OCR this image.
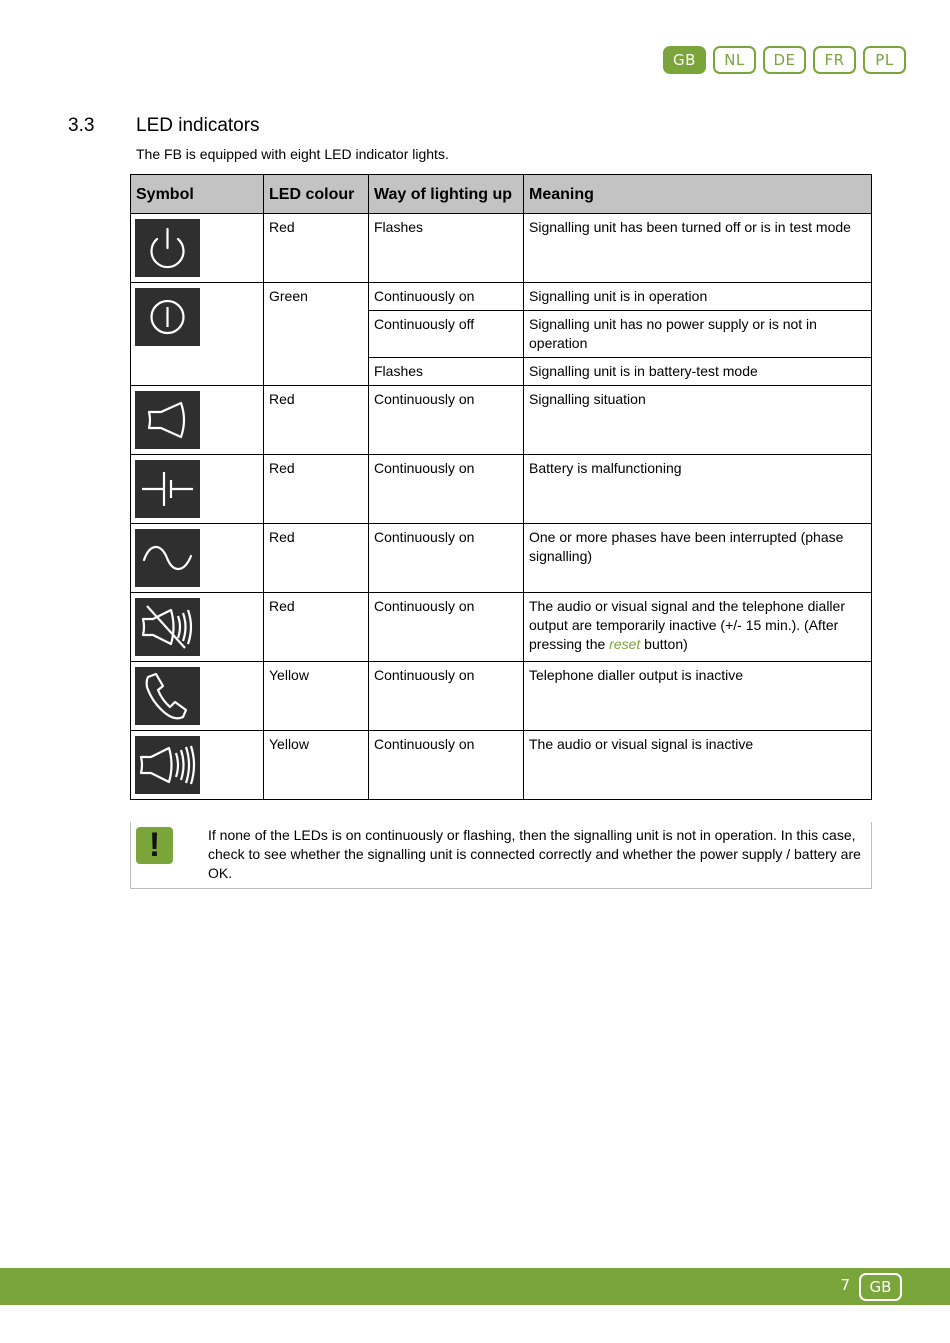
GB	NL	DE	FR	PL
3.3 LED indicators
The FB is equipped with eight LED indicator lights.
Symbol	LED colour	Way of lighting up	Meaning

	Red	Flashes	Signalling unit has been turned off or is in test mode

	Green	Continuously on	Signalling unit is in operation
		Continuously off	Signalling unit has no power supply or is not in operation
		Flashes	Signalling unit is in battery-test mode

	Red	Continuously on	Signalling situation

	Red	Continuously on	Battery is malfunctioning

	Red	Continuously on	One or more phases have been interrupted (phase signalling)

	Red	Continuously on	The audio or visual signal and the telephone dialler output are temporarily inactive (+/- 15 min.). (After pressing the reset button)

	Yellow	Continuously on	Telephone dialler output is inactive

	Yellow	Continuously on	The audio or visual signal is inactive
!	If none of the LEDs is on continuously or flashing, then the signalling unit is not in operation. In this case, check to see whether the signalling unit is connected correctly and whether the power supply / battery are OK.
7	GB
